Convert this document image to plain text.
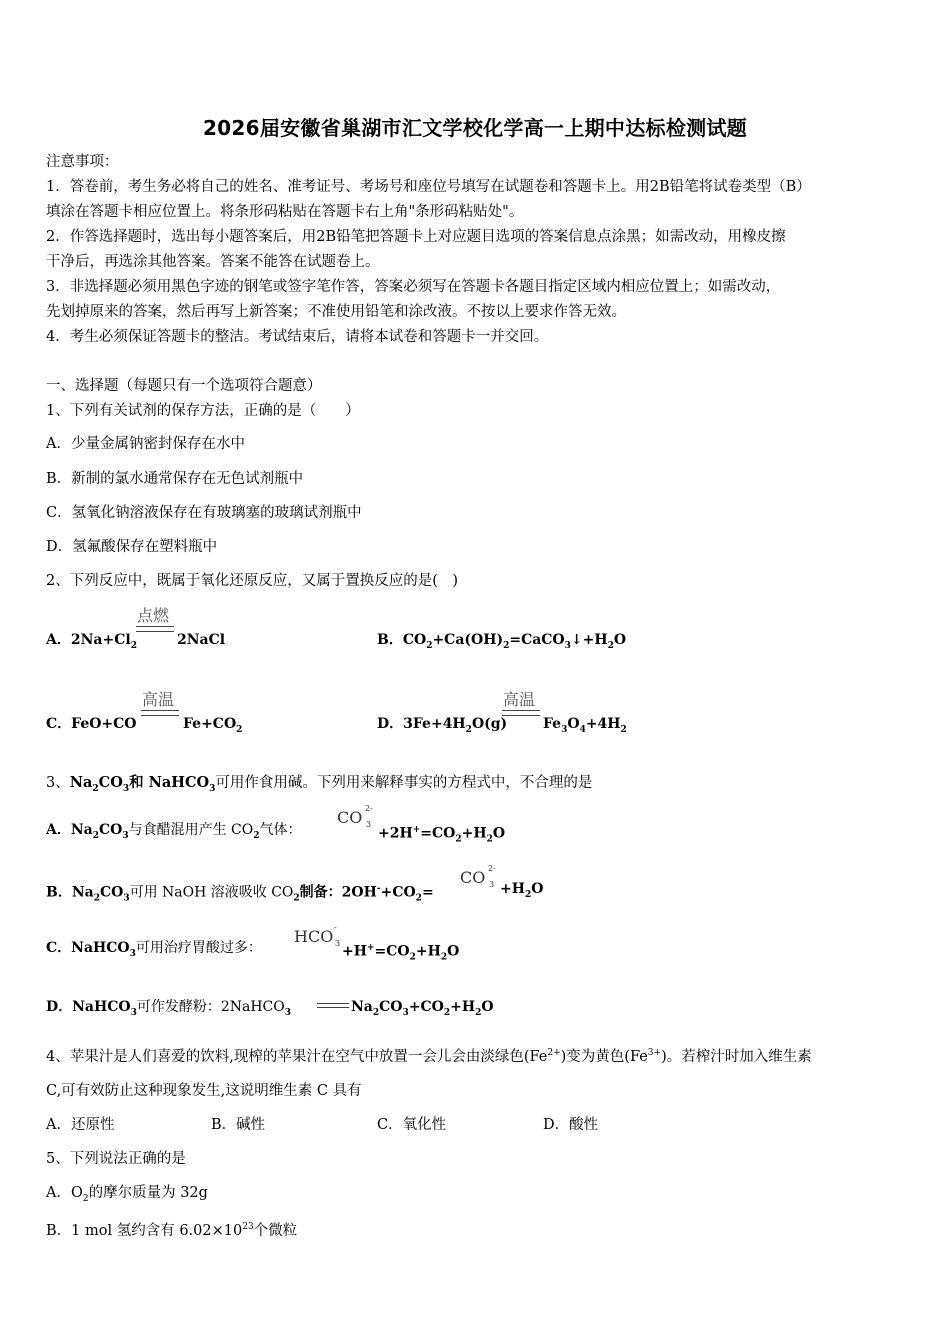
2026届安徽省巢湖市汇文学校化学高一上期中达标检测试题
注意事项：
1．答卷前，考生务必将自己的姓名、准考证号、考场号和座位号填写在试题卷和答题卡上。用2B铅笔将试卷类型（B）
填涂在答题卡相应位置上。将条形码粘贴在答题卡右上角"条形码粘贴处"。
2．作答选择题时，选出每小题答案后，用2B铅笔把答题卡上对应题目选项的答案信息点涂黑；如需改动，用橡皮擦
干净后，再选涂其他答案。答案不能答在试题卷上。
3．非选择题必须用黑色字迹的钢笔或签字笔作答，答案必须写在答题卡各题目指定区域内相应位置上；如需改动，
先划掉原来的答案，然后再写上新答案；不准使用铅笔和涂改液。不按以上要求作答无效。
4．考生必须保证答题卡的整洁。考试结束后，请将本试卷和答题卡一并交回。
一、选择题（每题只有一个选项符合题意）
1、下列有关试剂的保存方法，正确的是（　　）
A．少量金属钠密封保存在水中
B．新制的氯水通常保存在无色试剂瓶中
C．氢氧化钠溶液保存在有玻璃塞的玻璃试剂瓶中
D．氢氟酸保存在塑料瓶中
2、下列反应中，既属于氧化还原反应，又属于置换反应的是(　)
A．$2Na+Cl_2$
点燃
2NaCl	B．$CO_2+Ca(OH)_2=CaCO_3↓+H_2O$
C．FeO+CO
高温
$Fe+CO_2$	D．$3Fe+4H_2O(g)$
高温
$Fe_3O_4+4H_2$
3、$Na_2CO_3$和 NaHCO$_3$可用作食用碱。下列用来解释事实的方程式中，不合理的是
A．$Na_2CO_3$与食醋混用产生 $CO_2$气体：
CO 2-
3
$+2H^+=CO_2+H_2O$
B．$Na_2CO_3$可用 NaOH 溶液吸收 $CO_2$制备：$2OH^-+CO_2=$
CO 2-
$3 +H_2O$
C．NaHCO$_3$可用治疗胃酸过多：
HCO -
3
$+H^+=CO_2+H_2O$
D．NaHCO$_3$可作发酵粉：2NaHCO$_3$	$Na_2CO_3+CO_2+H_2O$
4、苹果汁是人们喜爱的饮料,现榨的苹果汁在空气中放置一会儿会由淡绿色$(Fe^{2+})$变为黄色$(Fe^{3+})$。若榨汁时加入维生素
C,可有效防止这种现象发生,这说明维生素 C 具有
A．还原性	B．碱性	C．氧化性	D．酸性
5、下列说法正确的是
A．$O_2$的摩尔质量为 32g
B．1 mol 氢约含有 $6.02\times 10^{23}$个微粒
